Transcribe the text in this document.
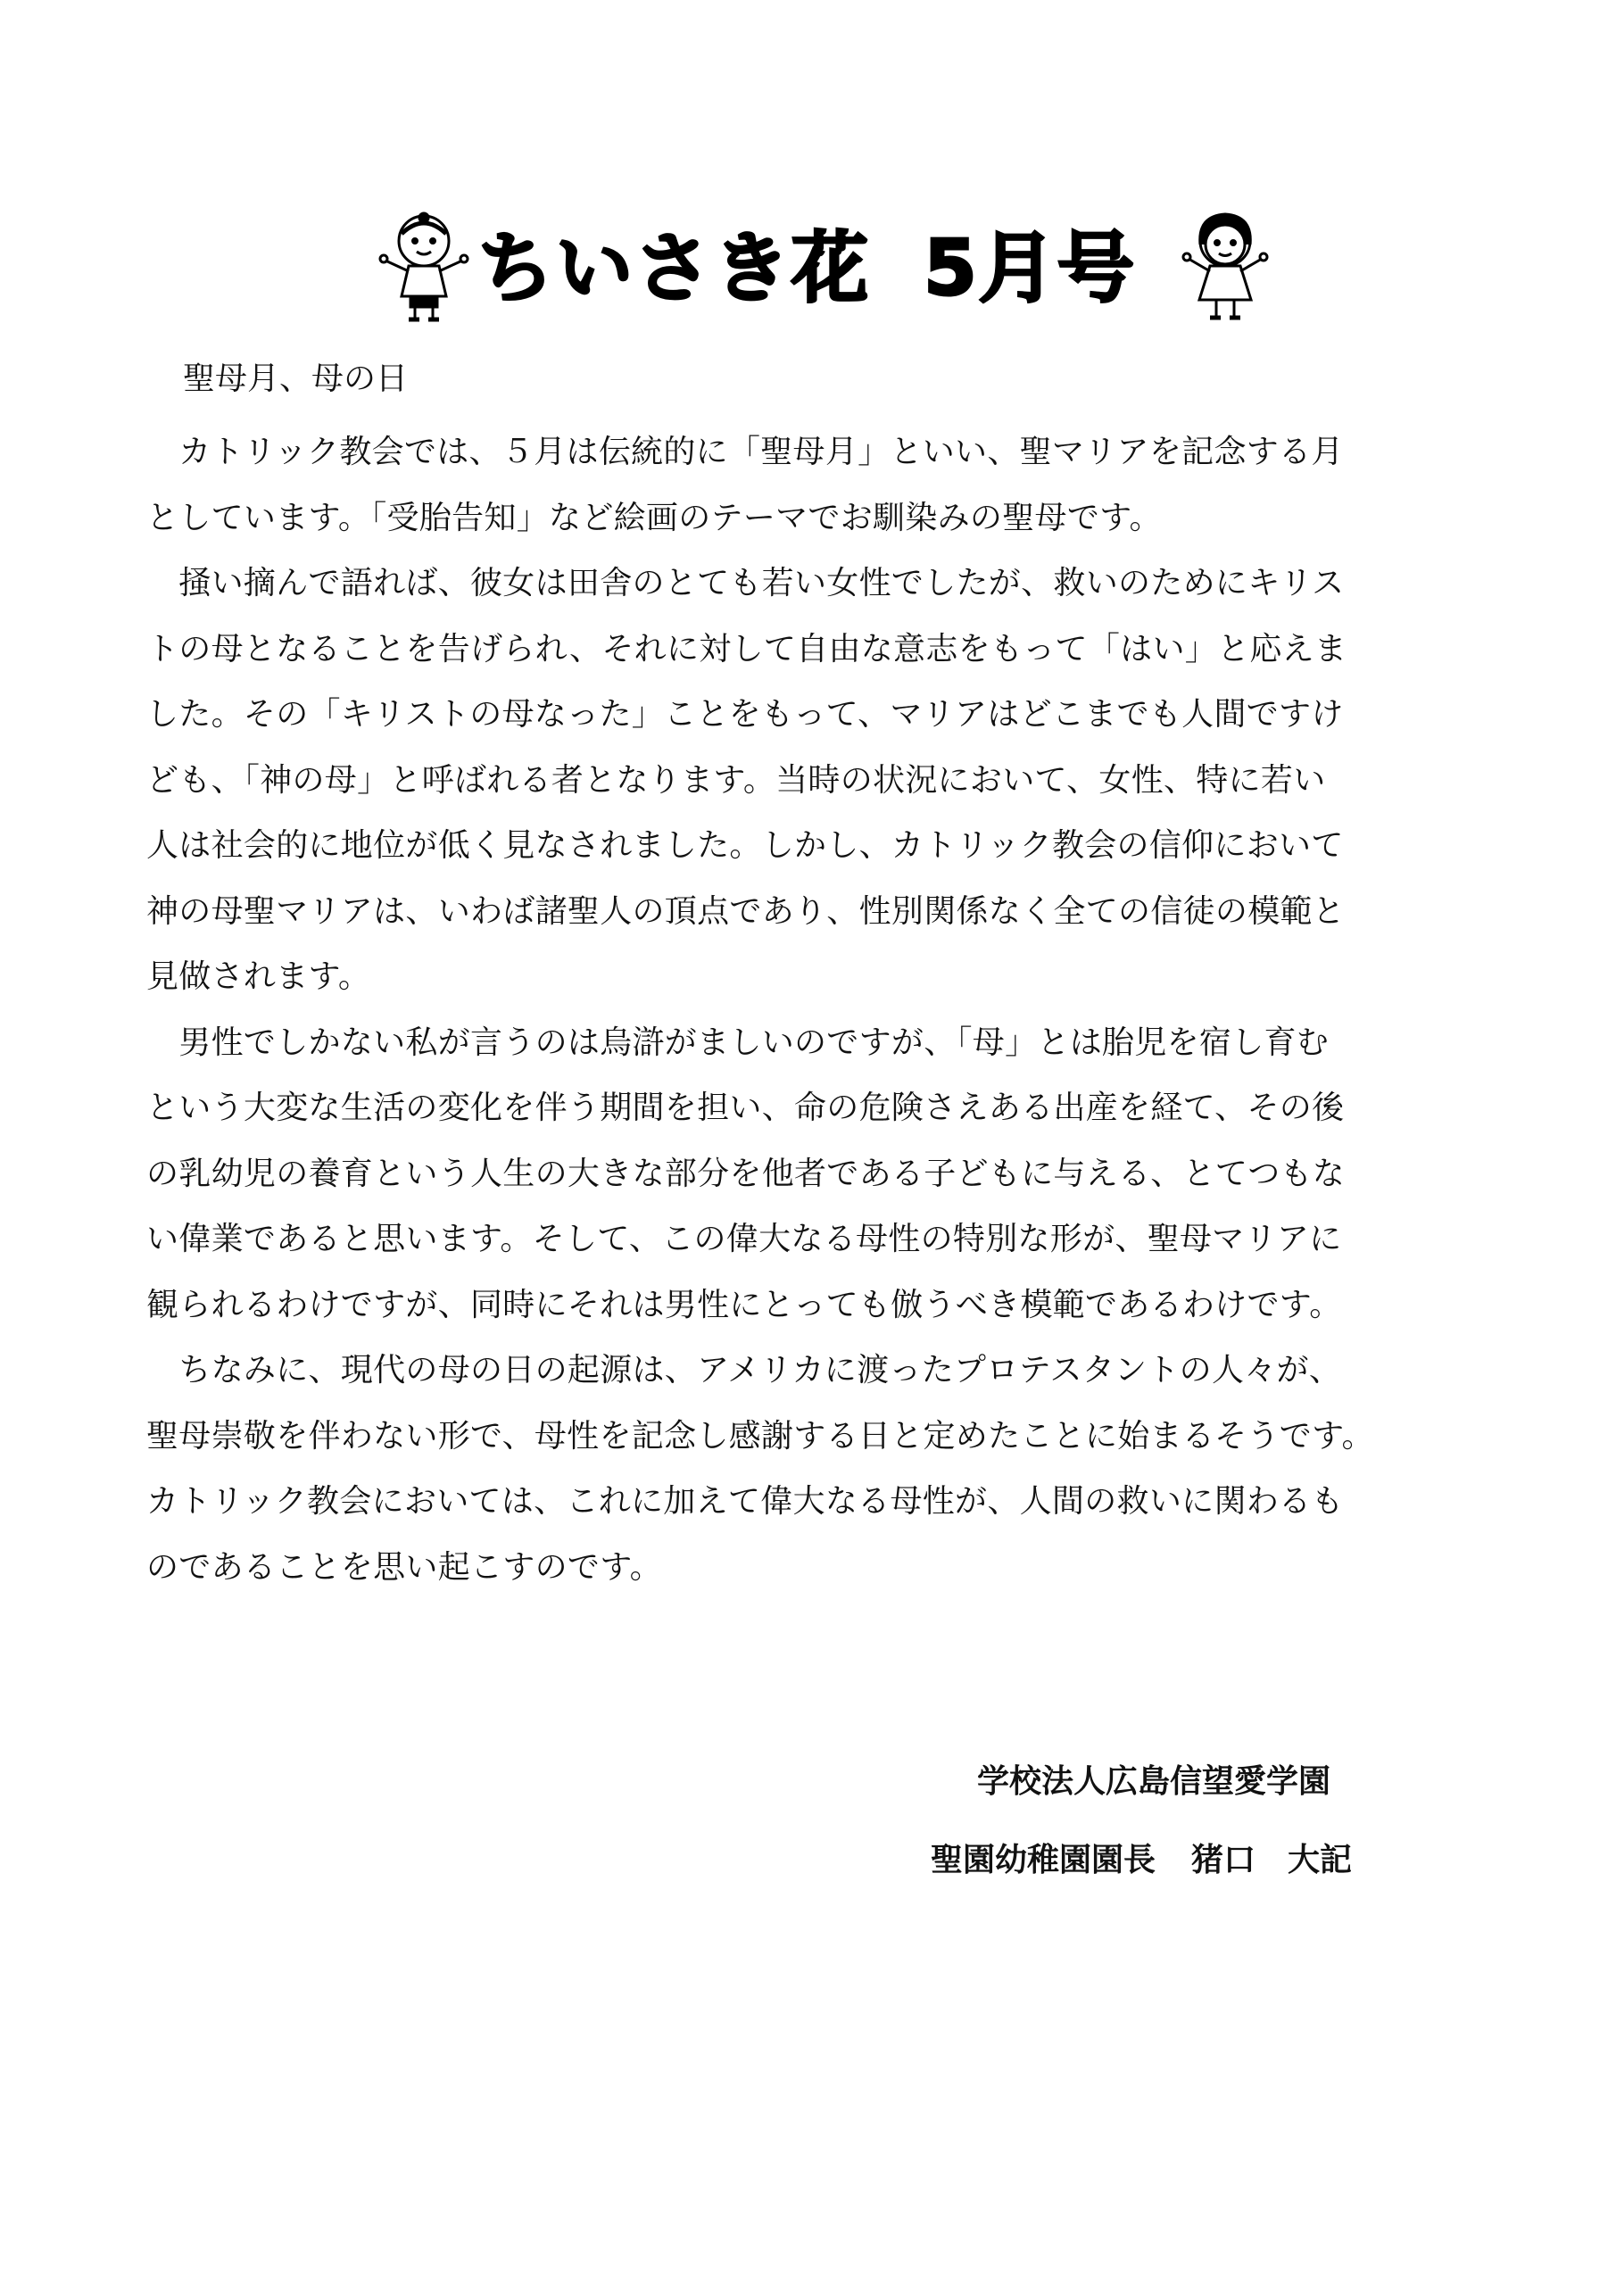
ちいさき花 5月号
聖母月、母の日
　カトリック教会では、５月は伝統的に「聖母月」といい、聖マリアを記念する月
としています。「受胎告知」など絵画のテーマでお馴染みの聖母です。
　掻い摘んで語れば、彼女は田舎のとても若い女性でしたが、救いのためにキリス
トの母となることを告げられ、それに対して自由な意志をもって「はい」と応えま
した。その「キリストの母なった」ことをもって、マリアはどこまでも人間ですけ
ども、「神の母」と呼ばれる者となります。当時の状況において、女性、特に若い
人は社会的に地位が低く見なされました。しかし、カトリック教会の信仰において
神の母聖マリアは、いわば諸聖人の頂点であり、性別関係なく全ての信徒の模範と
見做されます。
　男性でしかない私が言うのは烏滸がましいのですが、「母」とは胎児を宿し育む
という大変な生活の変化を伴う期間を担い、命の危険さえある出産を経て、その後
の乳幼児の養育という人生の大きな部分を他者である子どもに与える、とてつもな
い偉業であると思います。そして、この偉大なる母性の特別な形が、聖母マリアに
観られるわけですが、同時にそれは男性にとっても倣うべき模範であるわけです。
　ちなみに、現代の母の日の起源は、アメリカに渡ったプロテスタントの人々が、
聖母崇敬を伴わない形で、母性を記念し感謝する日と定めたことに始まるそうです。
カトリック教会においては、これに加えて偉大なる母性が、人間の救いに関わるも
のであることを思い起こすのです。
学校法人広島信望愛学園
聖園幼稚園園長 猪口　大記
